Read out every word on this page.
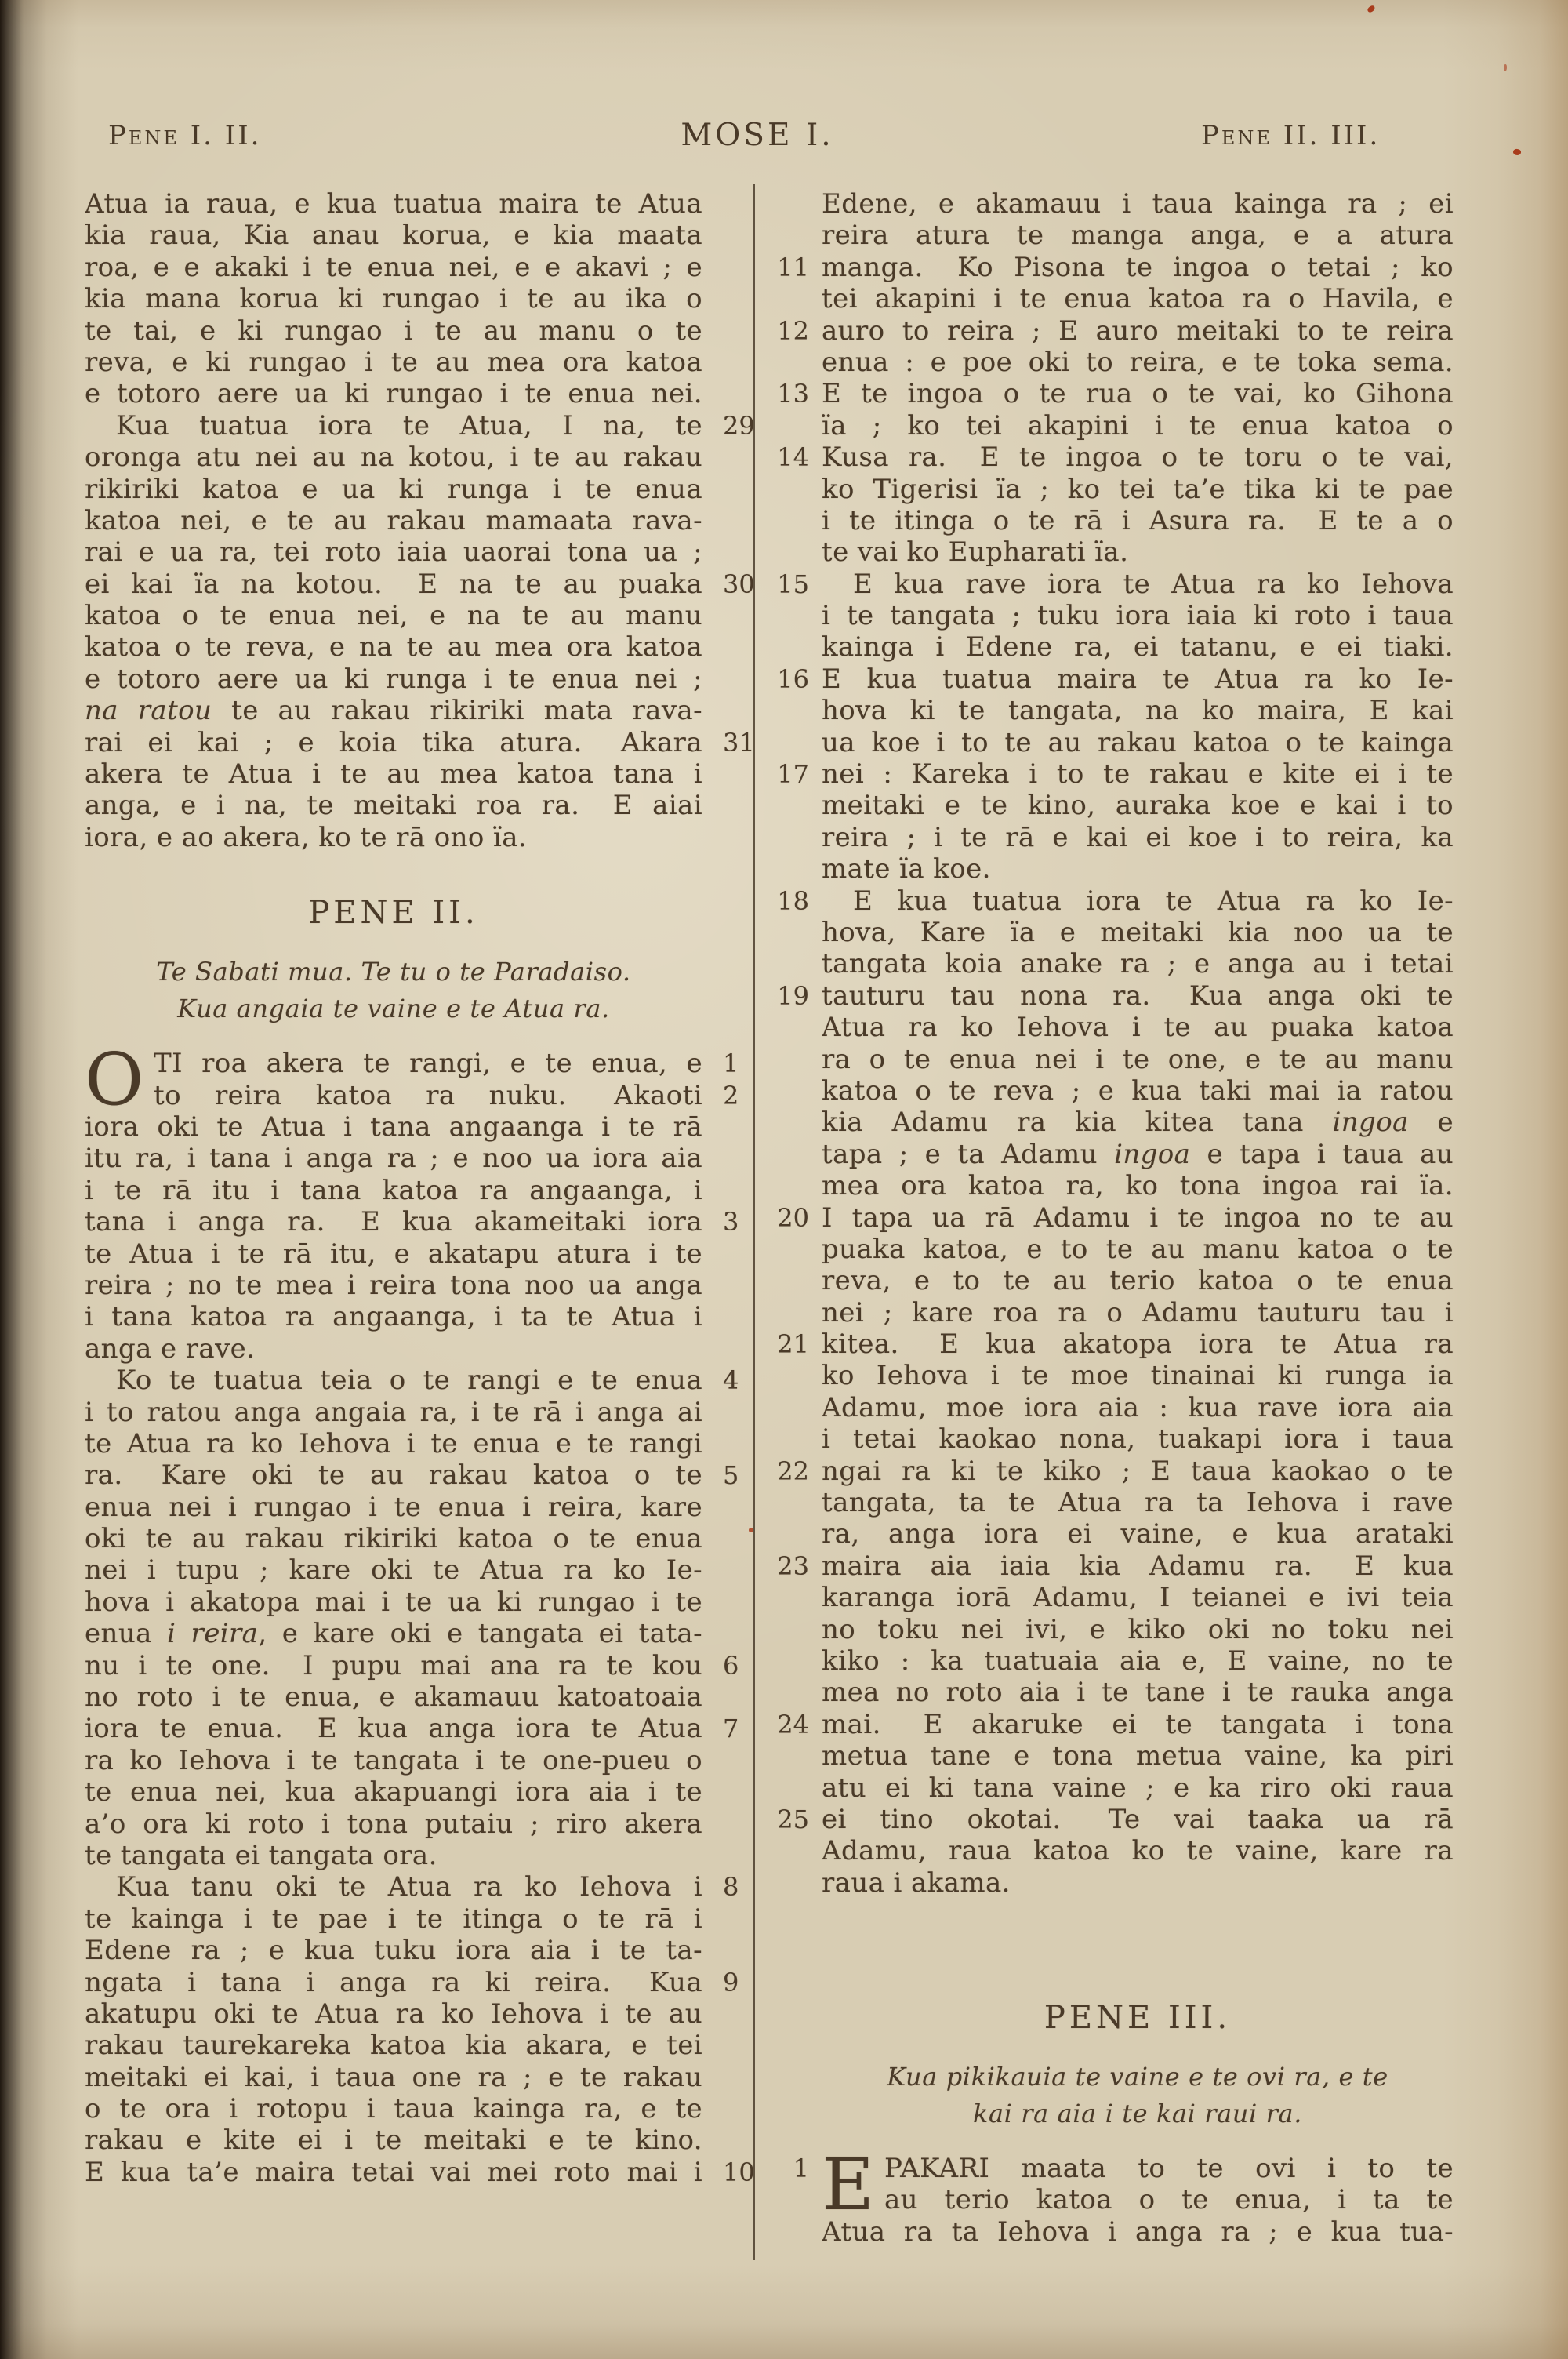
Pene I. II.	MOSE I.	Pene II. III.
Atua ia raua, e kua tuatua maira te Atua
kia raua, Kia anau korua, e kia maata
roa, e e akaki i te enua nei, e e akavi ; e
kia mana korua ki rungao i te au ika o
te tai, e ki rungao i te au manu o te
reva, e ki rungao i te au mea ora katoa
e totoro aere ua ki rungao i te enua nei.
Kua tuatua iora te Atua, I na, te 29
oronga atu nei au na kotou, i te au rakau
rikiriki katoa e ua ki runga i te enua
katoa nei, e te au rakau mamaata rava-
rai e ua ra, tei roto iaia uaorai tona ua ;
ei kai ïa na kotou.  E na te au puaka 30
katoa o te enua nei, e na te au manu
katoa o te reva, e na te au mea ora katoa
e totoro aere ua ki runga i te enua nei ;
na ratou te au rakau rikiriki mata rava-
rai ei kai ; e koia tika atura.  Akara 31
akera te Atua i te au mea katoa tana i
anga, e i na, te meitaki roa ra.  E aiai
iora, e ao akera, ko te rā ono ïa.
PENE II.
Te Sabati mua. Te tu o te Paradaiso.
Kua angaia te vaine e te Atua ra.
O TI roa akera te rangi, e te enua, e 1
to reira katoa ra nuku.  Akaoti 2
iora oki te Atua i tana angaanga i te rā
itu ra, i tana i anga ra ; e noo ua iora aia
i te rā itu i tana katoa ra angaanga, i
tana i anga ra.  E kua akameitaki iora 3
te Atua i te rā itu, e akatapu atura i te
reira ; no te mea i reira tona noo ua anga
i tana katoa ra angaanga, i ta te Atua i
anga e rave.
Ko te tuatua teia o te rangi e te enua 4
i to ratou anga angaia ra, i te rā i anga ai
te Atua ra ko Iehova i te enua e te rangi
ra.  Kare oki te au rakau katoa o te 5
enua nei i rungao i te enua i reira, kare
oki te au rakau rikiriki katoa o te enua
nei i tupu ; kare oki te Atua ra ko Ie-
hova i akatopa mai i te ua ki rungao i te
enua i reira, e kare oki e tangata ei tata-
nu i te one.  I pupu mai ana ra te kou 6
no roto i te enua, e akamauu katoatoaia
iora te enua.  E kua anga iora te Atua 7
ra ko Iehova i te tangata i te one-pueu o
te enua nei, kua akapuangi iora aia i te
a’o ora ki roto i tona putaiu ; riro akera
te tangata ei tangata ora.
Kua tanu oki te Atua ra ko Iehova i 8
te kainga i te pae i te itinga o te rā i
Edene ra ; e kua tuku iora aia i te ta-
ngata i tana i anga ra ki reira.  Kua 9
akatupu oki te Atua ra ko Iehova i te au
rakau taurekareka katoa kia akara, e tei
meitaki ei kai, i taua one ra ; e te rakau
o te ora i rotopu i taua kainga ra, e te
rakau e kite ei i te meitaki e te kino.
E kua ta’e maira tetai vai mei roto mai i 10
Edene, e akamauu i taua kainga ra ; ei
reira atura te manga anga, e a atura
manga.  Ko Pisona te ingoa o tetai ; ko
11
tei akapini i te enua katoa ra o Havila, e
auro to reira ; E auro meitaki to te reira
12
enua : e poe oki to reira, e te toka sema.
E te ingoa o te rua o te vai, ko Gihona
13
ïa ; ko tei akapini i te enua katoa o
Kusa ra.  E te ingoa o te toru o te vai,
14
ko Tigerisi ïa ; ko tei ta’e tika ki te pae
i te itinga o te rā i Asura ra.  E te a o
te vai ko Eupharati ïa.
E kua rave iora te Atua ra ko Iehova
15
i te tangata ; tuku iora iaia ki roto i taua
kainga i Edene ra, ei tatanu, e ei tiaki.
E kua tuatua maira te Atua ra ko Ie-
16
hova ki te tangata, na ko maira, E kai
ua koe i to te au rakau katoa o te kainga
nei : Kareka i to te rakau e kite ei i te
17
meitaki e te kino, auraka koe e kai i to
reira ; i te rā e kai ei koe i to reira, ka
mate ïa koe.
E kua tuatua iora te Atua ra ko Ie-
18
hova, Kare ïa e meitaki kia noo ua te
tangata koia anake ra ; e anga au i tetai
tauturu tau nona ra.  Kua anga oki te
19
Atua ra ko Iehova i te au puaka katoa
ra o te enua nei i te one, e te au manu
katoa o te reva ; e kua taki mai ia ratou
kia Adamu ra kia kitea tana ingoa e
tapa ; e ta Adamu ingoa e tapa i taua au
mea ora katoa ra, ko tona ingoa rai ïa.
I tapa ua rā Adamu i te ingoa no te au
20
puaka katoa, e to te au manu katoa o te
reva, e to te au terio katoa o te enua
nei ; kare roa ra o Adamu tauturu tau i
kitea.  E kua akatopa iora te Atua ra
21
ko Iehova i te moe tinainai ki runga ia
Adamu, moe iora aia : kua rave iora aia
i tetai kaokao nona, tuakapi iora i taua
ngai ra ki te kiko ; E taua kaokao o te
22
tangata, ta te Atua ra ta Iehova i rave
ra, anga iora ei vaine, e kua arataki
maira aia iaia kia Adamu ra.  E kua
23
karanga iorā Adamu, I teianei e ivi teia
no toku nei ivi, e kiko oki no toku nei
kiko : ka tuatuaia aia e, E vaine, no te
mea no roto aia i te tane i te rauka anga
mai.  E akaruke ei te tangata i tona
24
metua tane e tona metua vaine, ka piri
atu ei ki tana vaine ; e ka riro oki raua
ei tino okotai.  Te vai taaka ua rā
25
Adamu, raua katoa ko te vaine, kare ra
raua i akama.
PENE III.
Kua pikikauia te vaine e te ovi ra, e te
kai ra aia i te kai raui ra.
E PAKARI maata to te ovi i to te
1
au terio katoa o te enua, i ta te
Atua ra ta Iehova i anga ra ; e kua tua-
